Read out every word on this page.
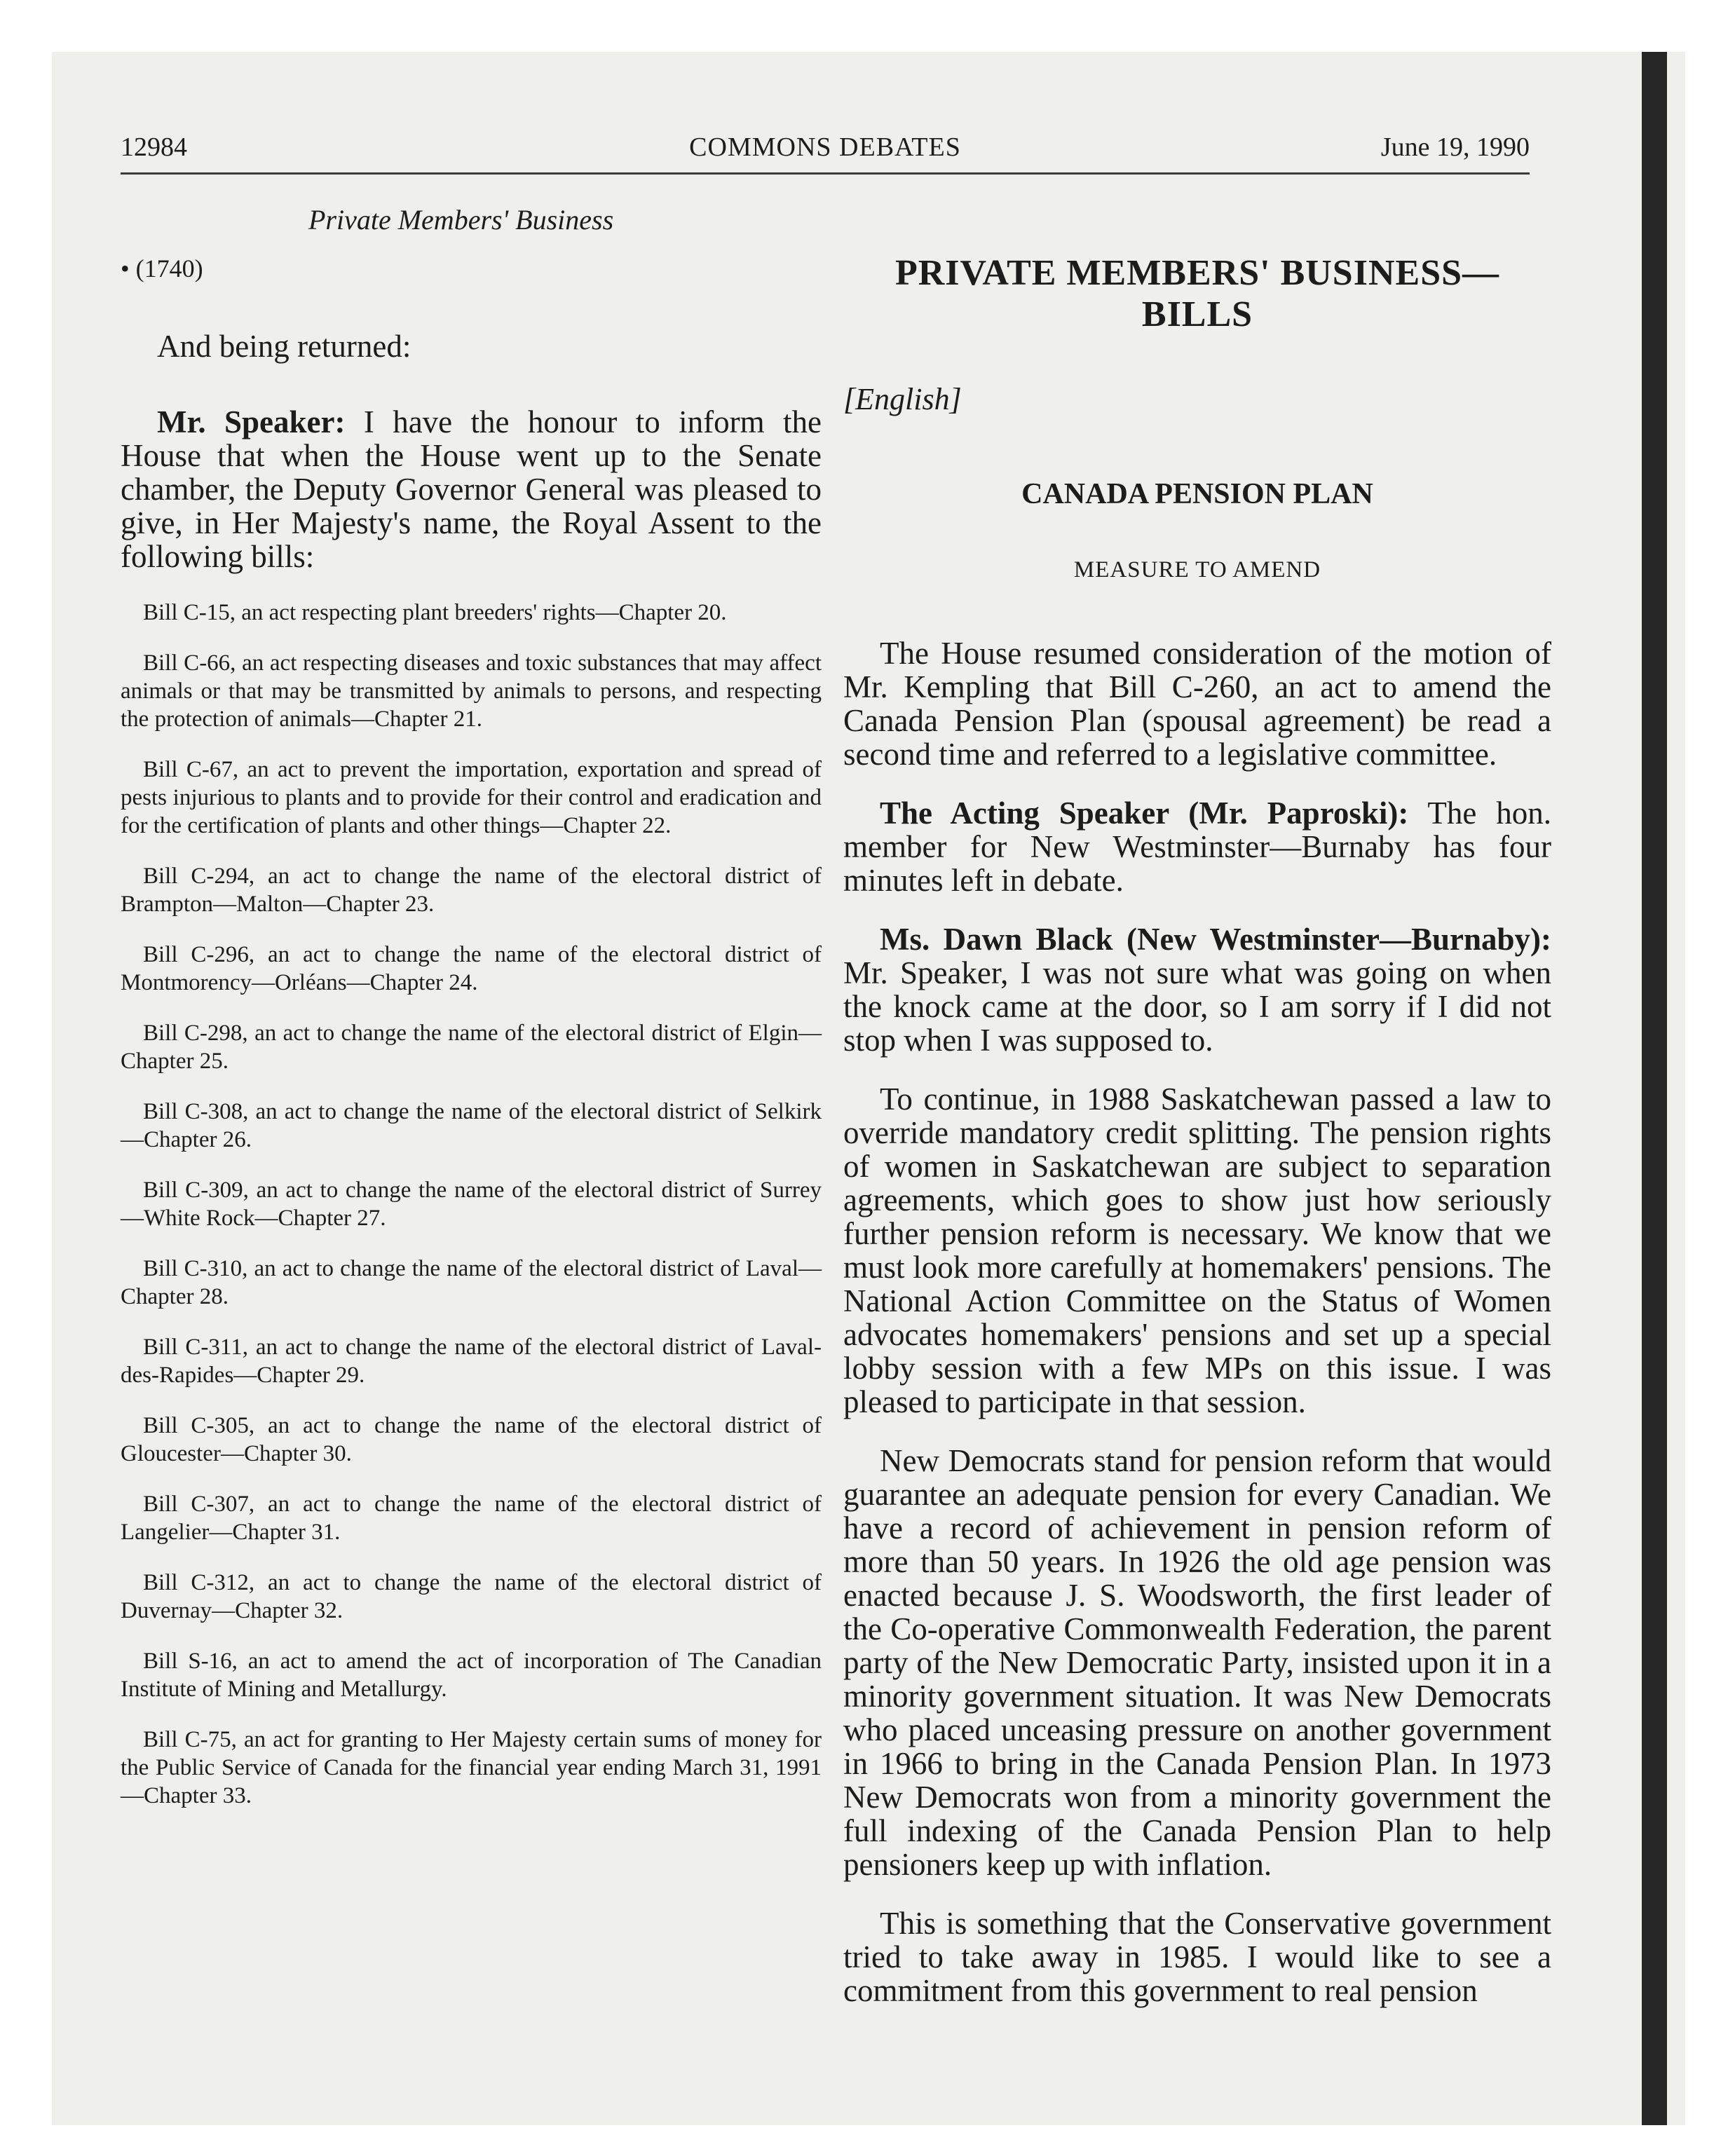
12984	COMMONS DEBATES	June 19, 1990
Private Members' Business
• (1740)

And being returned:

Mr. Speaker: I have the honour to inform the House that when the House went up to the Senate chamber, the Deputy Governor General was pleased to give, in Her Majesty's name, the Royal Assent to the following bills:

Bill C-15, an act respecting plant breeders' rights—Chapter 20.

Bill C-66, an act respecting diseases and toxic substances that may affect animals or that may be transmitted by animals to persons, and respecting the protection of animals—Chapter 21.

Bill C-67, an act to prevent the importation, exportation and spread of pests injurious to plants and to provide for their control and eradication and for the certification of plants and other things—Chapter 22.

Bill C-294, an act to change the name of the electoral district of Brampton—Malton—Chapter 23.

Bill C-296, an act to change the name of the electoral district of Montmorency—Orléans—Chapter 24.

Bill C-298, an act to change the name of the electoral district of Elgin—Chapter 25.

Bill C-308, an act to change the name of the electoral district of Selkirk—Chapter 26.

Bill C-309, an act to change the name of the electoral district of Surrey—White Rock—Chapter 27.

Bill C-310, an act to change the name of the electoral district of Laval—Chapter 28.

Bill C-311, an act to change the name of the electoral district of Laval-des-Rapides—Chapter 29.

Bill C-305, an act to change the name of the electoral district of Gloucester—Chapter 30.

Bill C-307, an act to change the name of the electoral district of Langelier—Chapter 31.

Bill C-312, an act to change the name of the electoral district of Duvernay—Chapter 32.

Bill S-16, an act to amend the act of incorporation of The Canadian Institute of Mining and Metallurgy.

Bill C-75, an act for granting to Her Majesty certain sums of money for the Public Service of Canada for the financial year ending March 31, 1991—Chapter 33.

PRIVATE MEMBERS' BUSINESS—BILLS
[English]
CANADA PENSION PLAN
MEASURE TO AMEND

The House resumed consideration of the motion of Mr. Kempling that Bill C-260, an act to amend the Canada Pension Plan (spousal agreement) be read a second time and referred to a legislative committee.

The Acting Speaker (Mr. Paproski): The hon. member for New Westminster—Burnaby has four minutes left in debate.

Ms. Dawn Black (New Westminster—Burnaby): Mr. Speaker, I was not sure what was going on when the knock came at the door, so I am sorry if I did not stop when I was supposed to.

To continue, in 1988 Saskatchewan passed a law to override mandatory credit splitting. The pension rights of women in Saskatchewan are subject to separation agreements, which goes to show just how seriously further pension reform is necessary. We know that we must look more carefully at homemakers' pensions. The National Action Committee on the Status of Women advocates homemakers' pensions and set up a special lobby session with a few MPs on this issue. I was pleased to participate in that session.

New Democrats stand for pension reform that would guarantee an adequate pension for every Canadian. We have a record of achievement in pension reform of more than 50 years. In 1926 the old age pension was enacted because J. S. Woodsworth, the first leader of the Co-operative Commonwealth Federation, the parent party of the New Democratic Party, insisted upon it in a minority government situation. It was New Democrats who placed unceasing pressure on another government in 1966 to bring in the Canada Pension Plan. In 1973 New Democrats won from a minority government the full indexing of the Canada Pension Plan to help pensioners keep up with inflation.

This is something that the Conservative government tried to take away in 1985. I would like to see a commitment from this government to real pension
